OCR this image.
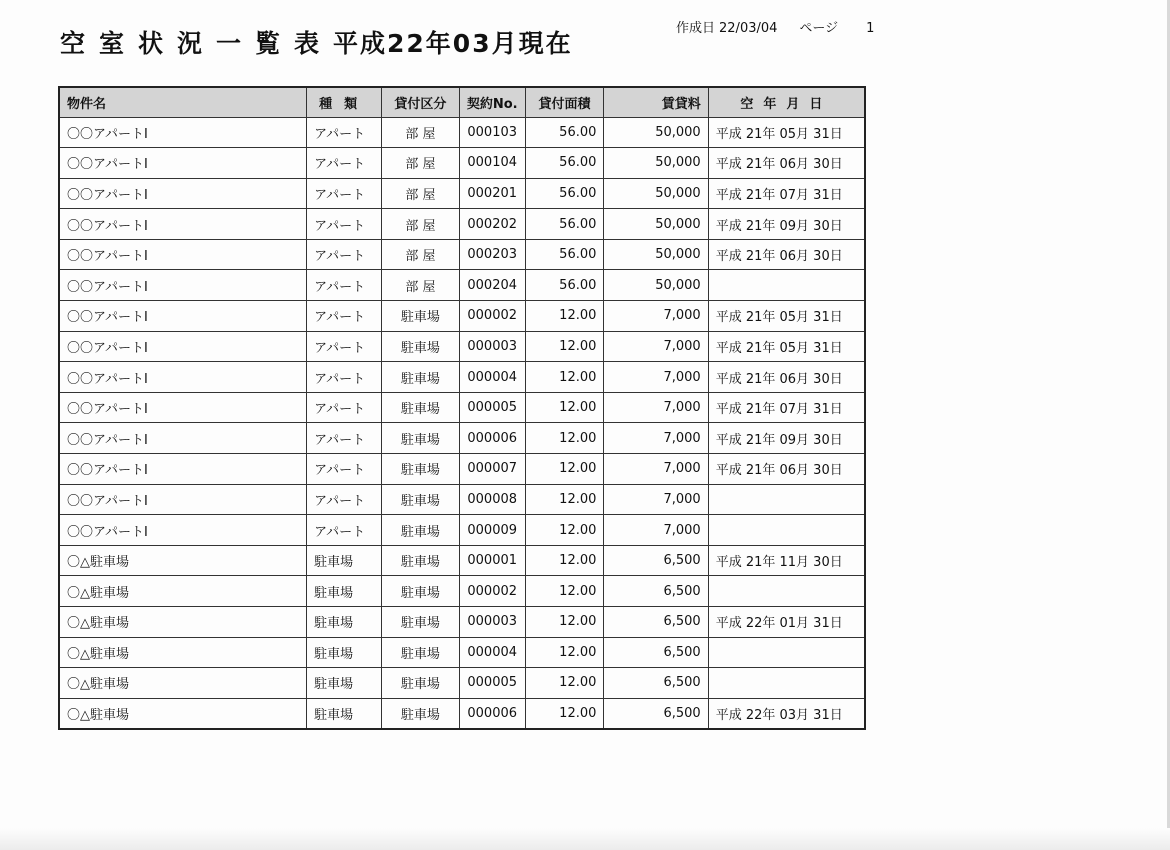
空室状況一覧表平成22年03月現在
作成日 22/03/04 ページ 1
物件名	種類	貸付区分	契約No.	貸付面積	賃貸料	空年月日
〇〇アパートI	アパート	部 屋	000103	56.00	50,000	平成 21年 05月 31日
〇〇アパートI	アパート	部 屋	000104	56.00	50,000	平成 21年 06月 30日
〇〇アパートI	アパート	部 屋	000201	56.00	50,000	平成 21年 07月 31日
〇〇アパートI	アパート	部 屋	000202	56.00	50,000	平成 21年 09月 30日
〇〇アパートI	アパート	部 屋	000203	56.00	50,000	平成 21年 06月 30日
〇〇アパートI	アパート	部 屋	000204	56.00	50,000	
〇〇アパートI	アパート	駐車場	000002	12.00	7,000	平成 21年 05月 31日
〇〇アパートI	アパート	駐車場	000003	12.00	7,000	平成 21年 05月 31日
〇〇アパートI	アパート	駐車場	000004	12.00	7,000	平成 21年 06月 30日
〇〇アパートI	アパート	駐車場	000005	12.00	7,000	平成 21年 07月 31日
〇〇アパートI	アパート	駐車場	000006	12.00	7,000	平成 21年 09月 30日
〇〇アパートI	アパート	駐車場	000007	12.00	7,000	平成 21年 06月 30日
〇〇アパートI	アパート	駐車場	000008	12.00	7,000	
〇〇アパートI	アパート	駐車場	000009	12.00	7,000	
〇△駐車場	駐車場	駐車場	000001	12.00	6,500	平成 21年 11月 30日
〇△駐車場	駐車場	駐車場	000002	12.00	6,500	
〇△駐車場	駐車場	駐車場	000003	12.00	6,500	平成 22年 01月 31日
〇△駐車場	駐車場	駐車場	000004	12.00	6,500	
〇△駐車場	駐車場	駐車場	000005	12.00	6,500	
〇△駐車場	駐車場	駐車場	000006	12.00	6,500	平成 22年 03月 31日
